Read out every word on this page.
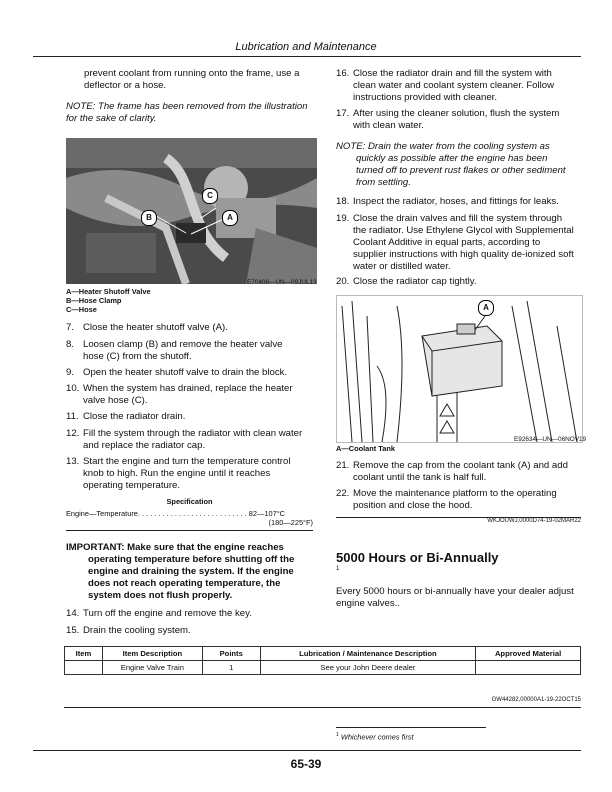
Lubrication and Maintenance
prevent coolant from running onto the frame, use a deflector or a hose.
NOTE: The frame has been removed from the illustration for the sake of clarity.
C
B	A
E70406—UN—09JUL13
A—Heater Shutoff Valve
B—Hose Clamp
C—Hose
7. Close the heater shutoff valve (A).
8. Loosen clamp (B) and remove the heater valve
hose (C) from the shutoff.
9. Open the heater shutoff valve to drain the block.
10. When the system has drained, replace the heater
valve hose (C).
11. Close the radiator drain.
12. Fill the system through the radiator with clean water
and replace the radiator cap.
13. Start the engine and turn the temperature control
knob to high. Run the engine until it reaches
operating temperature.
Specification
Engine—Temperature. . . . . . . . . . . . . . . . . . . . . . . . . . . 82—107°C
(180—225°F)
IMPORTANT: Make sure that the engine reaches
operating temperature before shutting off the
engine and draining the system. If the engine
does not reach operating temperature, the
system does not flush properly.
14. Turn off the engine and remove the key.
15. Drain the cooling system.
16. Close the radiator drain and fill the system with
clean water and coolant system cleaner. Follow
instructions provided with cleaner.
17. After using the cleaner solution, flush the system
with clean water.
NOTE: Drain the water from the cooling system as
quickly as possible after the engine has been
turned off to prevent rust flakes or other sediment
from settling.
18. Inspect the radiator, hoses, and fittings for leaks.
19. Close the drain valves and fill the system through
the radiator. Use Ethylene Glycol with Supplemental
Coolant Additive in equal parts, according to
supplier instructions with high quality de-ionized soft
water or distilled water.
20. Close the radiator cap tightly.
A
E92634—UN—06NOV19
A—Coolant Tank
21. Remove the cap from the coolant tank (A) and add
coolant until the tank is half full.
22. Move the maintenance platform to the operating
position and close the hood.
WKJOUWJ,0000D74-19-02MAR22
5000 Hours or Bi-Annually
1
Every 5000 hours or bi-annually have your dealer adjust
engine valves..
Item	Item Description	Points	Lubrication / Maintenance Description	Approved Material
	Engine Valve Train	1	See your John Deere dealer	
GW44282,00000A1-19-22OCT15
$^1$ Whichever comes first
65-39
